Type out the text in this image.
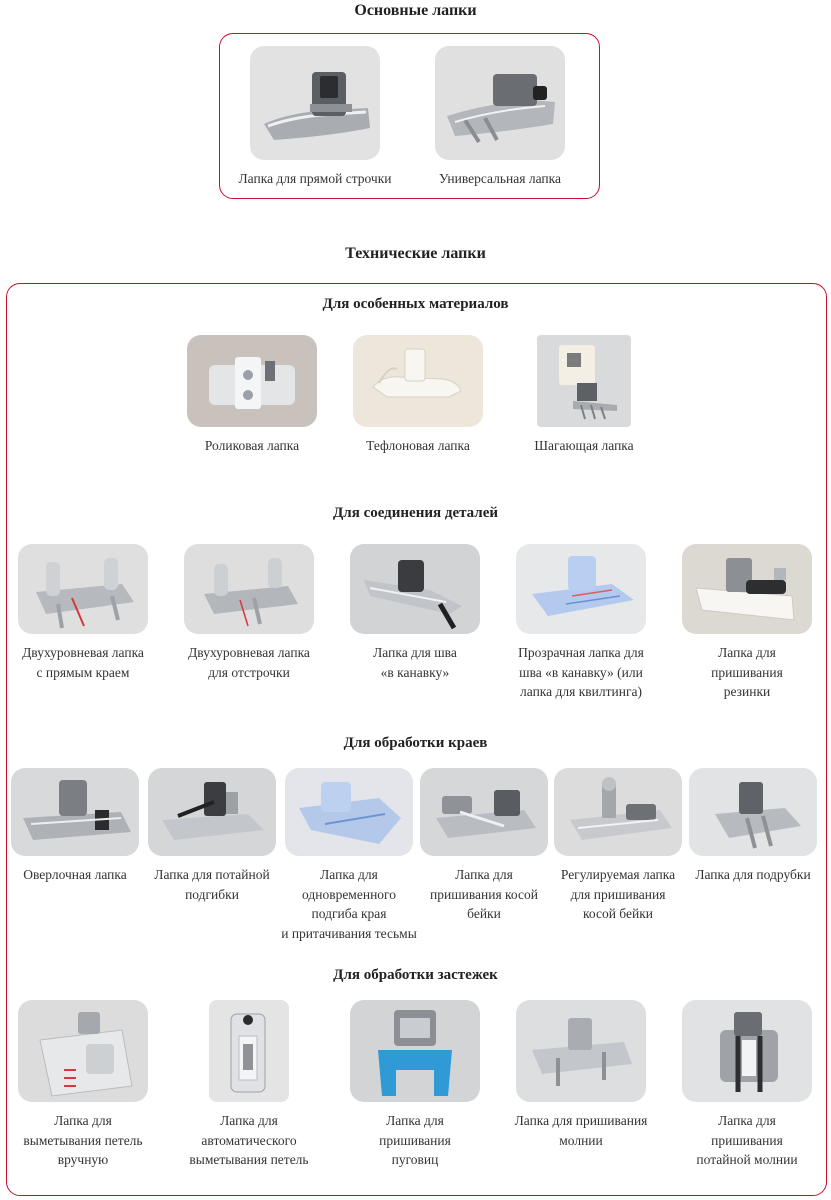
Основные лапки
Лапка для прямой строчки	Универсальная лапка
Технические лапки
Для особенных материалов
Роликовая лапка	Тефлоновая лапка	Шагающая лапка
Для соединения деталей
Двухуровневая лапка
с прямым краем
Двухуровневая лапка
для отстрочки
Лапка для шва
«в канавку»
Прозрачная лапка для
шва «в канавку» (или
лапка для квилтинга)
Лапка для
пришивания
резинки
Для обработки краев
Оверлочная лапка	Лапка для потайной
подгибки
Лапка для
одновременного
подгиба края
и притачивания тесьмы
Лапка для
пришивания косой
бейки
Регулируемая лапка
для пришивания
косой бейки
Лапка для подрубки
Для обработки застежек
Лапка для
выметывания петель
вручную
Лапка для
автоматического
выметывания петель
Лапка для
пришивания
пуговиц
Лапка для пришивания
молнии
Лапка для
пришивания
потайной молнии
